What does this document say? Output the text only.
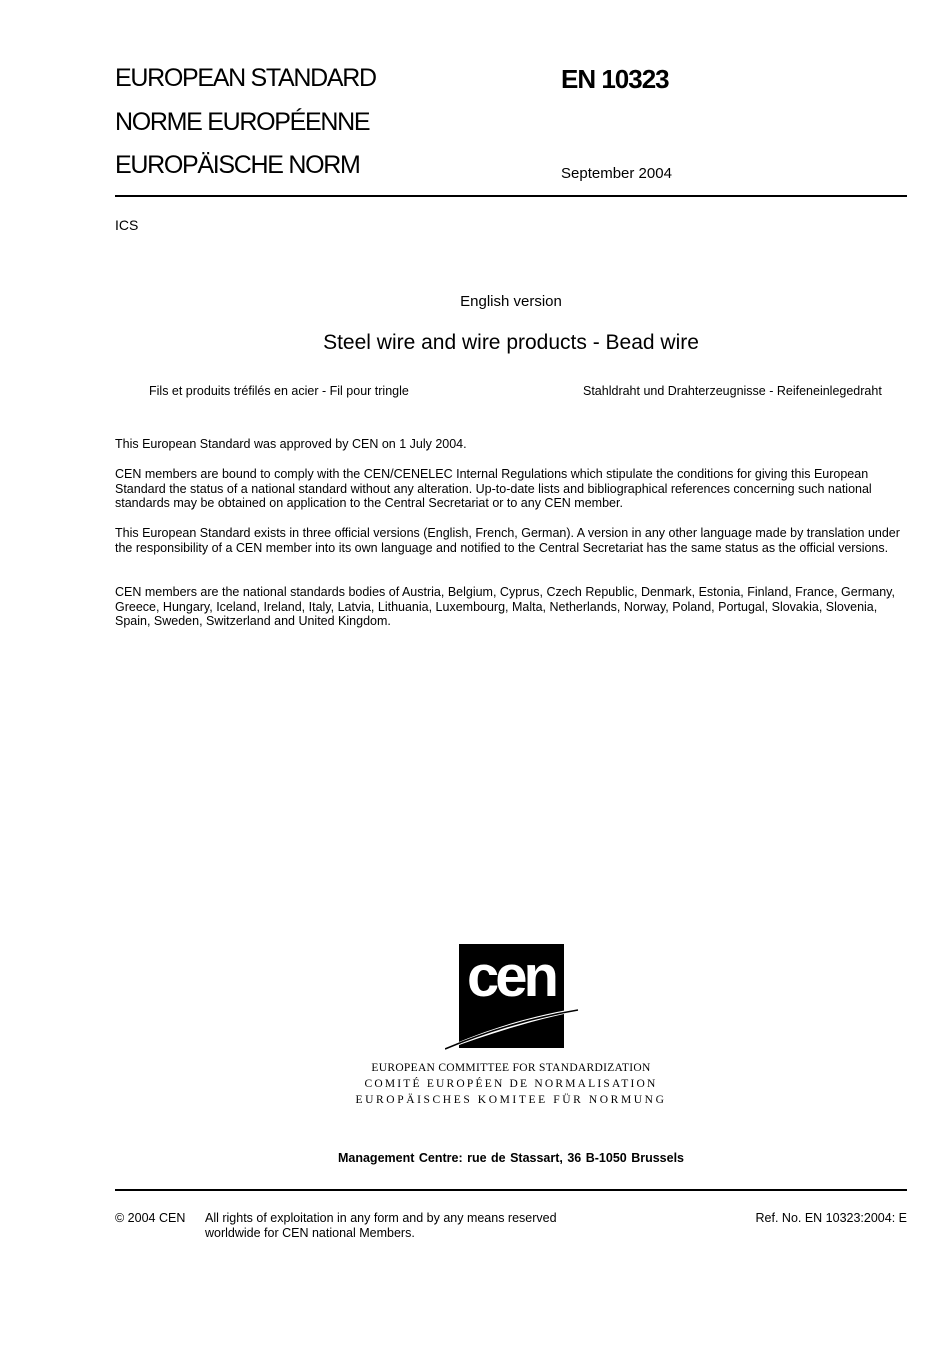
EUROPEAN STANDARD
NORME EUROPÉENNE
EUROPÄISCHE NORM
EN 10323
September 2004
ICS
English version
Steel wire and wire products - Bead wire
Fils et produits tréfilés en acier - Fil pour tringle	Stahldraht und Drahterzeugnisse - Reifeneinlegedraht

This European Standard was approved by CEN on 1 July 2004.

CEN members are bound to comply with the CEN/CENELEC Internal Regulations which stipulate the conditions for giving this European Standard the status of a national standard without any alteration. Up-to-date lists and bibliographical references concerning such national standards may be obtained on application to the Central Secretariat or to any CEN member.

This European Standard exists in three official versions (English, French, German). A version in any other language made by translation under the responsibility of a CEN member into its own language and notified to the Central Secretariat has the same status as the official versions.

CEN members are the national standards bodies of Austria, Belgium, Cyprus, Czech Republic, Denmark, Estonia, Finland, France, Germany, Greece, Hungary, Iceland, Ireland, Italy, Latvia, Lithuania, Luxembourg, Malta, Netherlands, Norway, Poland, Portugal, Slovakia, Slovenia, Spain, Sweden, Switzerland and United Kingdom.

cen
EUROPEAN COMMITTEE FOR STANDARDIZATION
COMITÉ EUROPÉEN DE NORMALISATION
EUROPÄISCHES KOMITEE FÜR NORMUNG
Management Centre: rue de Stassart, 36 B-1050 Brussels
© 2004 CEN All rights of exploitation in any form and by any means reserved
worldwide for CEN national Members.
Ref. No. EN 10323:2004: E
